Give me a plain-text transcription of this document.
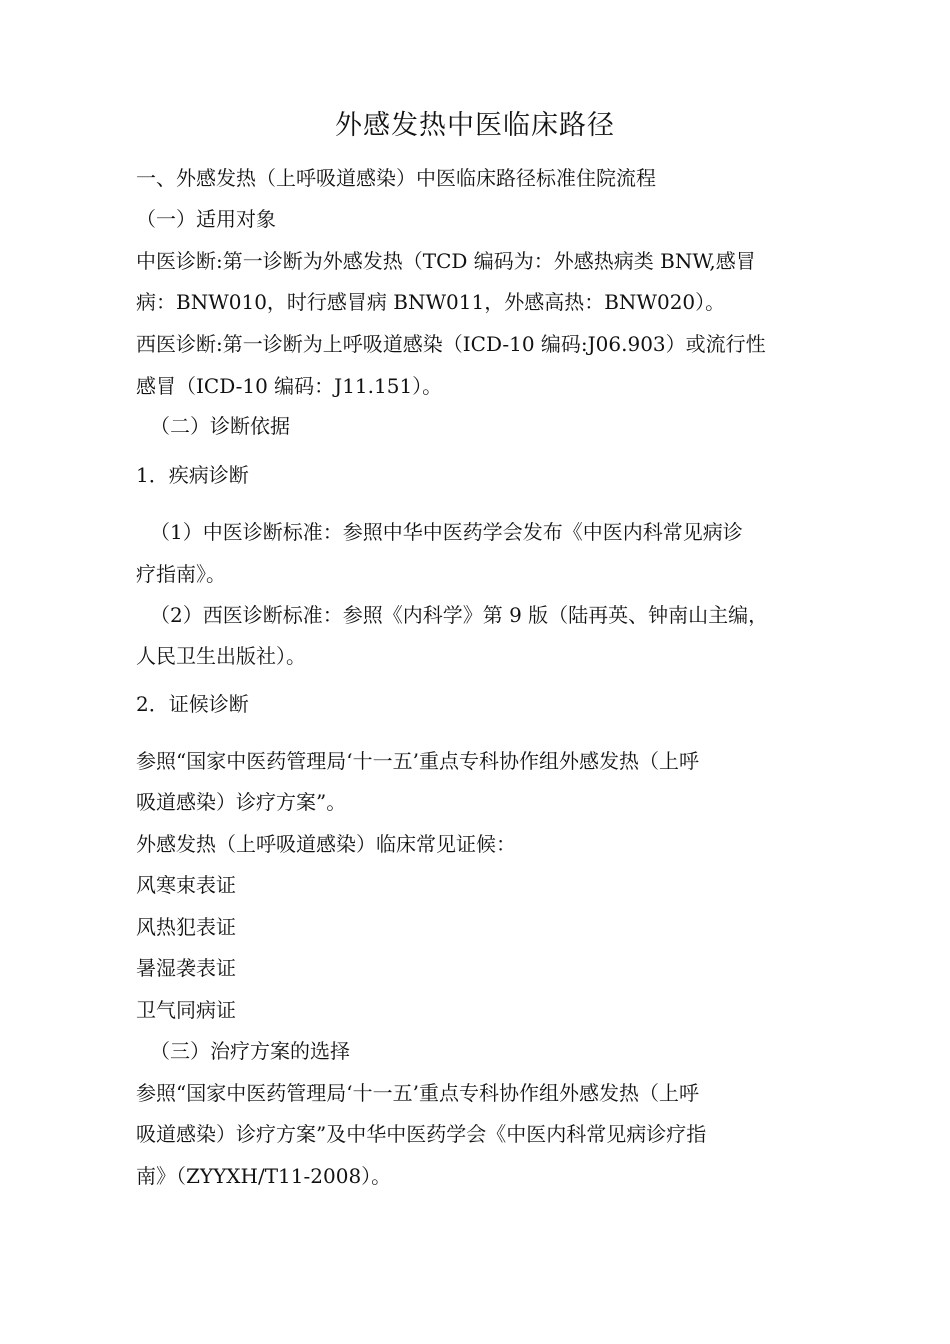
外感发热中医临床路径
一、外感发热（上呼吸道感染）中医临床路径标准住院流程
（一）适用对象
中医诊断:第一诊断为外感发热（TCD 编码为：外感热病类 BNW,感冒
病：BNW010，时行感冒病 BNW011，外感高热：BNW020）。
西医诊断:第一诊断为上呼吸道感染（ICD-10 编码:J06.903）或流行性
感冒（ICD-10 编码：J11.151）。
（二）诊断依据
1．疾病诊断
（1）中医诊断标准：参照中华中医药学会发布《中医内科常见病诊
疗指南》。
（2）西医诊断标准：参照《内科学》第 9 版（陆再英、钟南山主编，
人民卫生出版社）。
2．证候诊断
参照“国家中医药管理局‘十一五’重点专科协作组外感发热（上呼
吸道感染）诊疗方案”。
外感发热（上呼吸道感染）临床常见证候：
风寒束表证
风热犯表证
暑湿袭表证
卫气同病证
（三）治疗方案的选择
参照“国家中医药管理局‘十一五’重点专科协作组外感发热（上呼
吸道感染）诊疗方案”及中华中医药学会《中医内科常见病诊疗指
南》（ZYYXH/T11-2008）。
